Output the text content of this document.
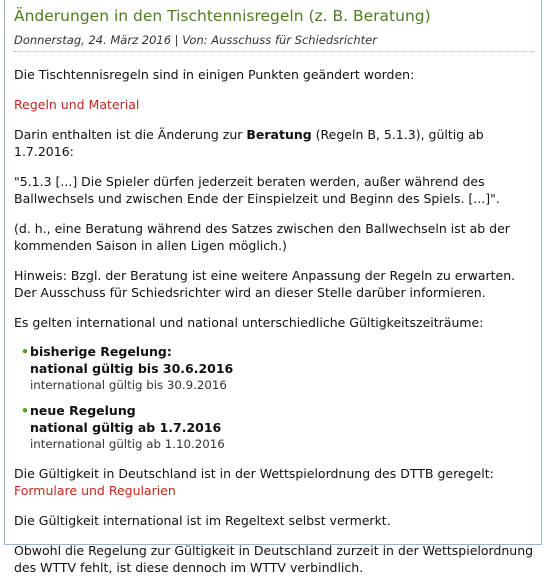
Änderungen in den Tischtennisregeln (z. B. Beratung)
Donnerstag, 24. März 2016 | Von: Ausschuss für Schiedsrichter

Die Tischtennisregeln sind in einigen Punkten geändert worden:

Regeln und Material

Darin enthalten ist die Änderung zur Beratung (Regeln B, 5.1.3), gültig ab 1.7.2016:

"5.1.3 [...] Die Spieler dürfen jederzeit beraten werden, außer während des Ballwechsels und zwischen Ende der Einspielzeit und Beginn des Spiels. [...]".

(d. h., eine Beratung während des Satzes zwischen den Ballwechseln ist ab der kommenden Saison in allen Ligen möglich.)

Hinweis: Bzgl. der Beratung ist eine weitere Anpassung der Regeln zu erwarten. Der Ausschuss für Schiedsrichter wird an dieser Stelle darüber informieren.

Es gelten international und national unterschiedliche Gültigkeitszeiträume:

• bisherige Regelung:
national gültig bis 30.6.2016
international gültig bis 30.9.2016
• neue Regelung
national gültig ab 1.7.2016
international gültig ab 1.10.2016

Die Gültigkeit in Deutschland ist in der Wettspielordnung des DTTB geregelt:
Formulare und Regularien

Die Gültigkeit international ist im Regeltext selbst vermerkt.

Obwohl die Regelung zur Gültigkeit in Deutschland zurzeit in der Wettspielordnung des WTTV fehlt, ist diese dennoch im WTTV verbindlich.
